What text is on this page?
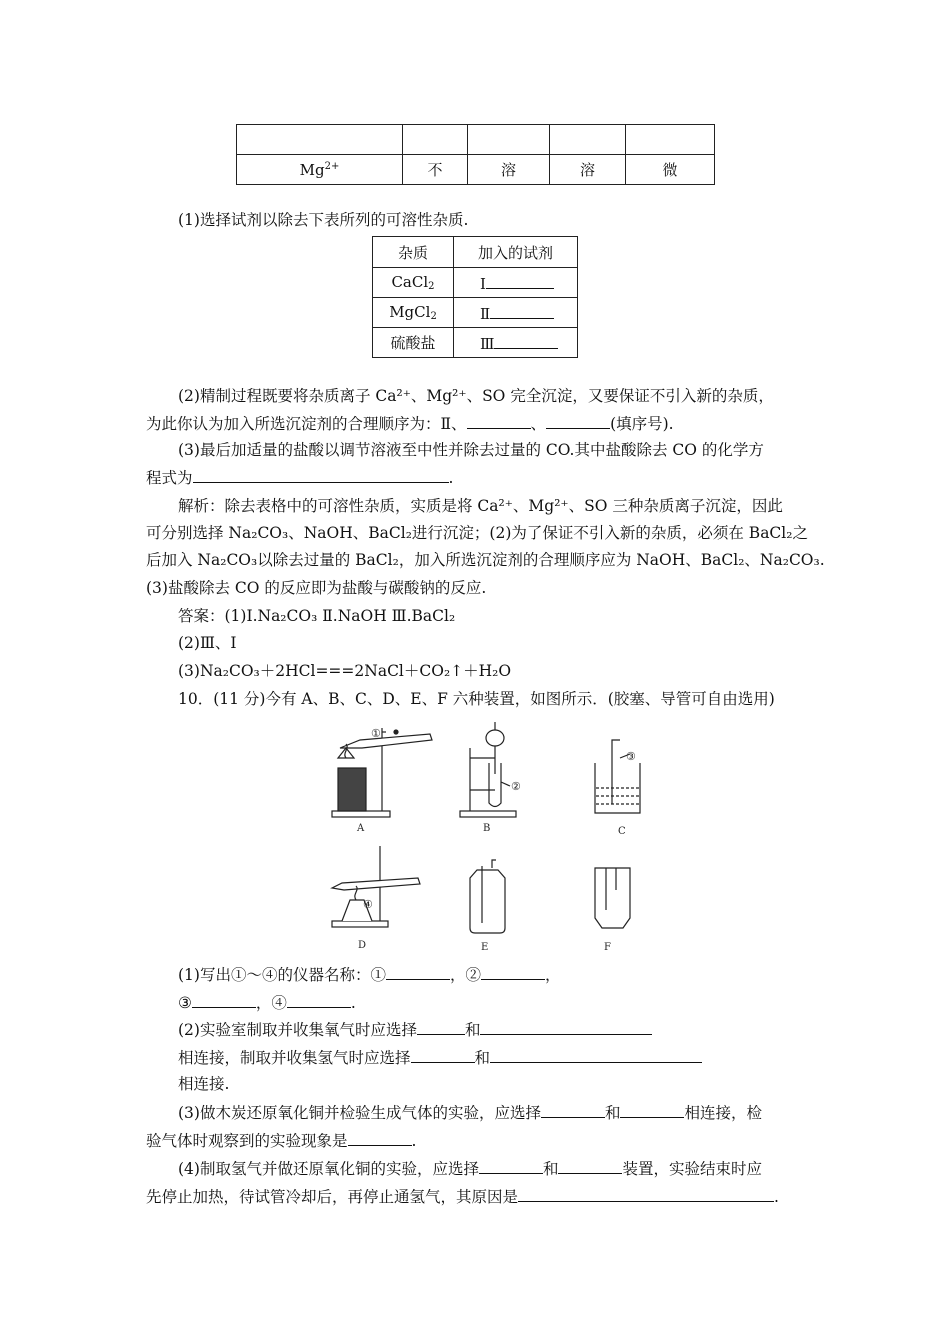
$Mg^{2+}$	不	溶	溶	微
(1)选择试剂以除去下表所列的可溶性杂质.
杂质	加入的试剂
CaCl$_2$	Ⅰ
MgCl$_2$	Ⅱ
硫酸盐	Ⅲ
(2)精制过程既要将杂质离子 Ca²⁺、Mg²⁺、SO 完全沉淀，又要保证不引入新的杂质，
为此你认为加入所选沉淀剂的合理顺序为：Ⅱ、	、	(填序号).
(3)最后加适量的盐酸以调节溶液至中性并除去过量的 CO.其中盐酸除去 CO 的化学方
程式为	.
解析：除去表格中的可溶性杂质，实质是将 Ca²⁺、Mg²⁺、SO 三种杂质离子沉淀，因此
可分别选择 Na₂CO₃、NaOH、BaCl₂进行沉淀；(2)为了保证不引入新的杂质，必须在 BaCl₂之
后加入 Na₂CO₃以除去过量的 BaCl₂，加入所选沉淀剂的合理顺序应为 NaOH、BaCl₂、Na₂CO₃.
(3)盐酸除去 CO 的反应即为盐酸与碳酸钠的反应.
答案：(1)Ⅰ.Na₂CO₃ Ⅱ.NaOH Ⅲ.BaCl₂
(2)Ⅲ、Ⅰ
(3)Na₂CO₃＋2HCl===2NaCl＋CO₂↑＋H₂O
10．(11 分)今有 A、B、C、D、E、F 六种装置，如图所示．(胶塞、导管可自由选用)
A
①
B
②
C
③
D
④
E	F
(1)写出①～④的仪器名称：①	，②	，
③	，④	.
(2)实验室制取并收集氧气时应选择	和
相连接，制取并收集氢气时应选择	和
相连接.
(3)做木炭还原氧化铜并检验生成气体的实验，应选择	和	相连接，检
验气体时观察到的实验现象是	.
(4)制取氢气并做还原氧化铜的实验，应选择	和	装置，实验结束时应
先停止加热，待试管冷却后，再停止通氢气，其原因是	.
